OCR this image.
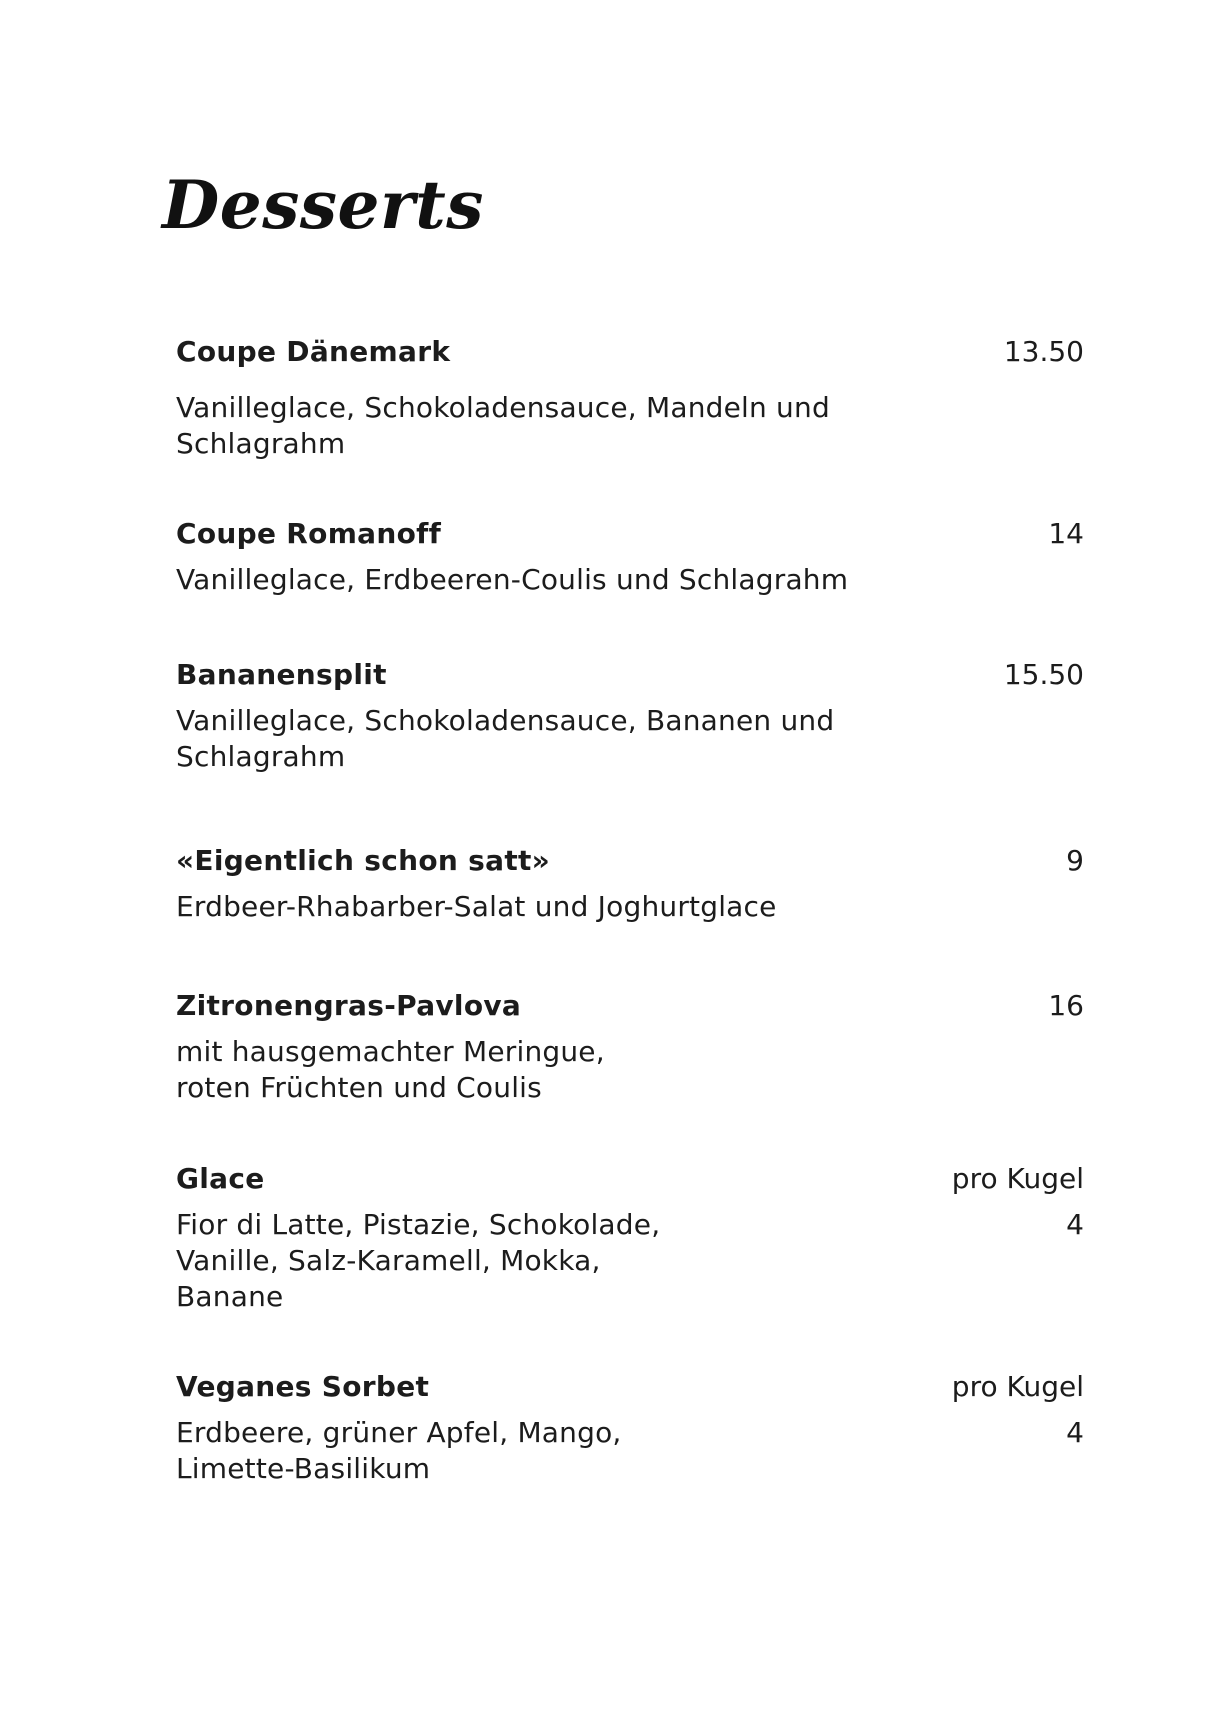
Desserts
Coupe Dänemark	13.50
Vanilleglace, Schokoladensauce, Mandeln und
Schlagrahm
Coupe Romanoff	14
Vanilleglace, Erdbeeren-Coulis und Schlagrahm
Bananensplit	15.50
Vanilleglace, Schokoladensauce, Bananen und
Schlagrahm
«Eigentlich schon satt»	9
Erdbeer-Rhabarber-Salat und Joghurtglace
Zitronengras-Pavlova	16
mit hausgemachter Meringue,
roten Früchten und Coulis
Glace	pro Kugel
4
Fior di Latte, Pistazie, Schokolade,
Vanille, Salz-Karamell, Mokka,
Banane
Veganes Sorbet	pro Kugel
4
Erdbeere, grüner Apfel, Mango,
Limette-Basilikum
